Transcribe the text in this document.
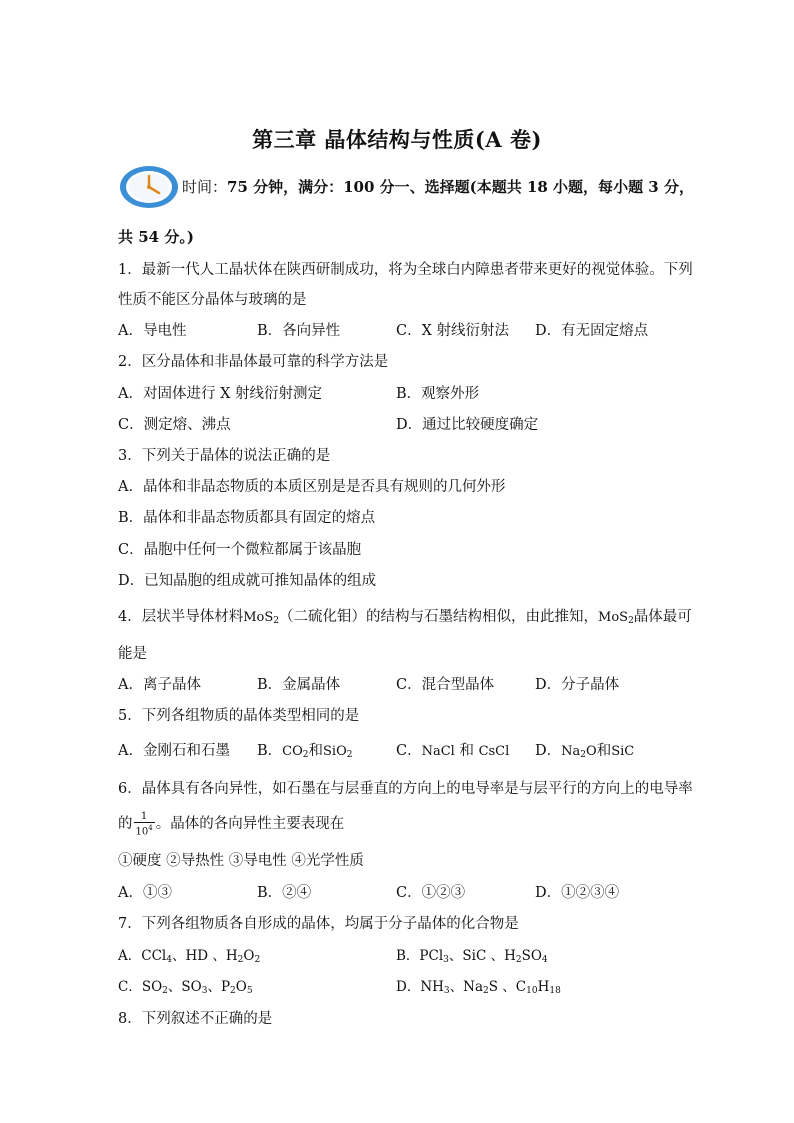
第三章 晶体结构与性质(A 卷)
时间：75 分钟，满分：100 分一、选择题(本题共 18 小题，每小题 3 分，
共 54 分。)
1．最新一代人工晶状体在陕西研制成功，将为全球白内障患者带来更好的视觉体验。下列
性质不能区分晶体与玻璃的是
A．导电性	B．各向异性	C．X 射线衍射法 D．有无固定熔点
2．区分晶体和非晶体最可靠的科学方法是
A．对固体进行 X 射线衍射测定	B．观察外形
C．测定熔、沸点	D．通过比较硬度确定
3．下列关于晶体的说法正确的是
A．晶体和非晶态物质的本质区别是是否具有规则的几何外形
B．晶体和非晶态物质都具有固定的熔点
C．晶胞中任何一个微粒都属于该晶胞
D．已知晶胞的组成就可推知晶体的组成
4．层状半导体材料MoS$_2$（二硫化钼）的结构与石墨结构相似，由此推知，MoS$_2$晶体最可
能是
A．离子晶体	B．金属晶体	C．混合型晶体	D．分子晶体
5．下列各组物质的晶体类型相同的是
A．金刚石和石墨 B．$CO_2$和SiO$_2$	C．NaCl 和 CsCl D．$Na_2O$和SiC
6．晶体具有各向异性，如石墨在与层垂直的方向上的电导率是与层平行的方向上的电导率
的 $\frac{1}{10^4}$ 。晶体的各向异性主要表现在
①硬度 ②导热性 ③导电性 ④光学性质
A．①③	B．②④	C．①②③	D．①②③④
7．下列各组物质各自形成的晶体，均属于分子晶体的化合物是
A．CCl$_4$、HD 、$H_2O_2$	B．PCl$_3$、SiC 、$H_2SO_4$
C．$SO_2$、$SO_3$、$P_2O_5$	D．$NH_3$、$Na_2S$ 、$C_{10}H_{18}$
8．下列叙述不正确的是
